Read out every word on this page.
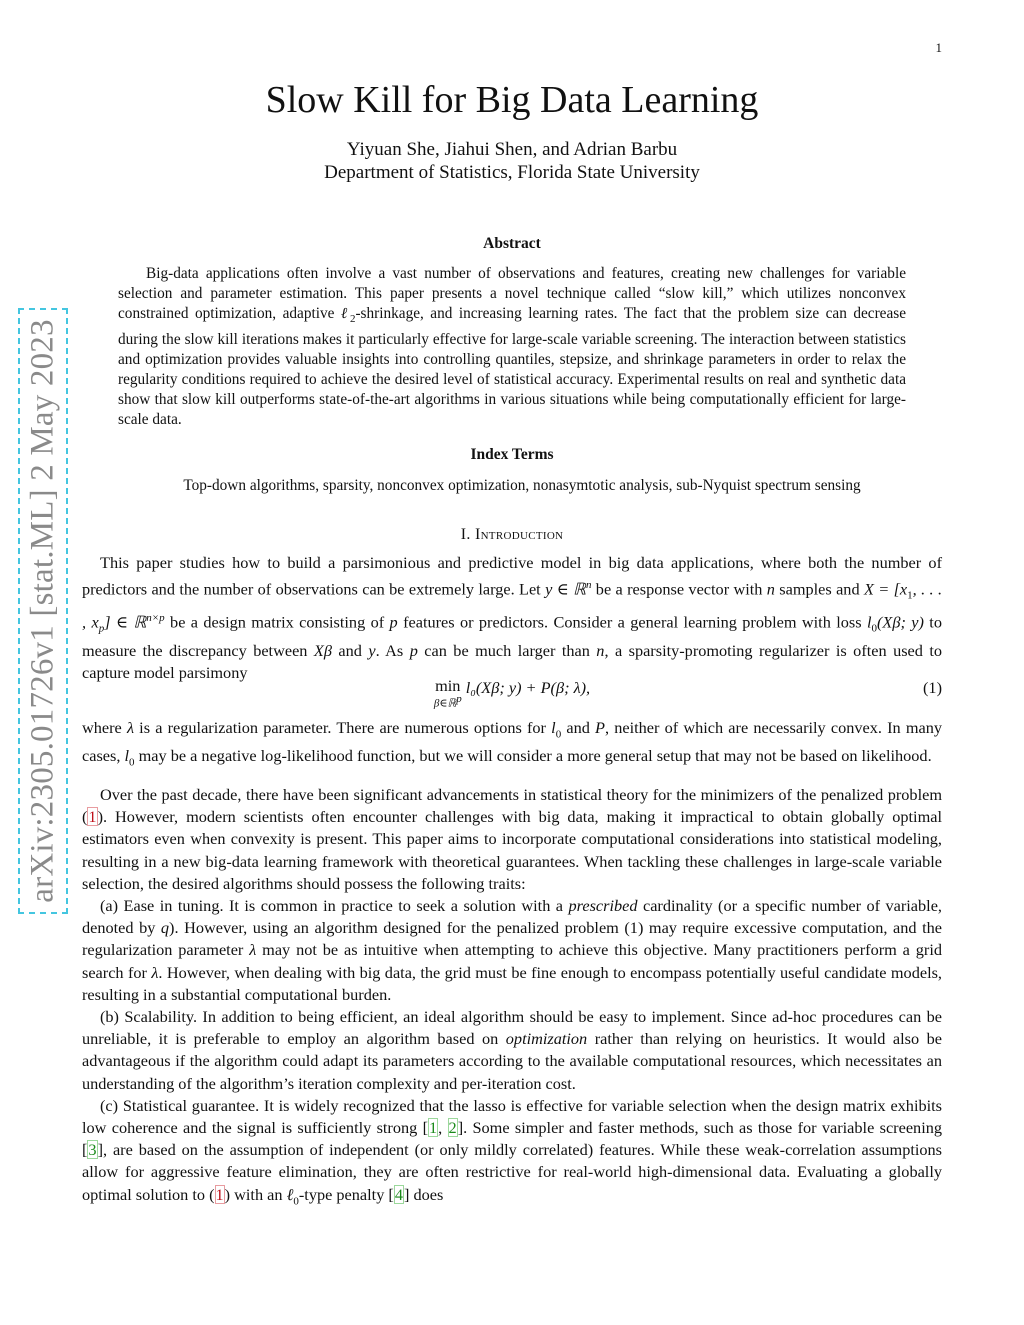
1
arXiv:2305.01726v1 [stat.ML] 2 May 2023
Slow Kill for Big Data Learning
Yiyuan She, Jiahui Shen, and Adrian Barbu
Department of Statistics, Florida State University
Abstract
Big-data applications often involve a vast number of observations and features, creating new challenges for variable selection and parameter estimation. This paper presents a novel technique called “slow kill,” which utilizes nonconvex constrained optimization, adaptive ℓ$_2$-shrinkage, and increasing learning rates. The fact that the problem size can decrease during the slow kill iterations makes it particularly effective for large-scale variable screening. The interaction between statistics and optimization provides valuable insights into controlling quantiles, stepsize, and shrinkage parameters in order to relax the regularity conditions required to achieve the desired level of statistical accuracy. Experimental results on real and synthetic data show that slow kill outperforms state-of-the-art algorithms in various situations while being computationally efficient for large-scale data.
Index Terms
Top-down algorithms, sparsity, nonconvex optimization, nonasymtotic analysis, sub-Nyquist spectrum sensing
I. Introduction

This paper studies how to build a parsimonious and predictive model in big data applications, where both the number of predictors and the number of observations can be extremely large. Let y ∈ ℝ$^n$ be a response vector with n samples and $X = [x_1$, . . . , $x_p$] ∈ ℝ$^{n\times p}$ be a design matrix consisting of p features or predictors. Consider a general learning problem with loss $l_0(X\beta$; y) to measure the discrepancy between Xβ and y. As p can be much larger than n, a sparsity-promoting regularizer is often used to capture model parsimony

min
β∈ℝ$^p$
l₀(Xβ; y) + P(β; λ),	(1)

where λ is a regularization parameter. There are numerous options for $l_0$ and P, neither of which are necessarily convex. In many cases, $l_0$ may be a negative log-likelihood function, but we will consider a more general setup that may not be based on likelihood.

Over the past decade, there have been significant advancements in statistical theory for the minimizers of the penalized problem (1). However, modern scientists often encounter challenges with big data, making it impractical to obtain globally optimal estimators even when convexity is present. This paper aims to incorporate computational considerations into statistical modeling, resulting in a new big-data learning framework with theoretical guarantees. When tackling these challenges in large-scale variable selection, the desired algorithms should possess the following traits:

(a) Ease in tuning. It is common in practice to seek a solution with a prescribed cardinality (or a specific number of variable, denoted by q). However, using an algorithm designed for the penalized problem (1) may require excessive computation, and the regularization parameter λ may not be as intuitive when attempting to achieve this objective. Many practitioners perform a grid search for λ. However, when dealing with big data, the grid must be fine enough to encompass potentially useful candidate models, resulting in a substantial computational burden.

(b) Scalability. In addition to being efficient, an ideal algorithm should be easy to implement. Since ad-hoc procedures can be unreliable, it is preferable to employ an algorithm based on optimization rather than relying on heuristics. It would also be advantageous if the algorithm could adapt its parameters according to the available computational resources, which necessitates an understanding of the algorithm’s iteration complexity and per-iteration cost.

(c) Statistical guarantee. It is widely recognized that the lasso is effective for variable selection when the design matrix exhibits low coherence and the signal is sufficiently strong [1, 2]. Some simpler and faster methods, such as those for variable screening [3], are based on the assumption of independent (or only mildly correlated) features. While these weak-correlation assumptions allow for aggressive feature elimination, they are often restrictive for real-world high-dimensional data. Evaluating a globally optimal solution to (1) with an ℓ$_0$-type penalty [4] does
